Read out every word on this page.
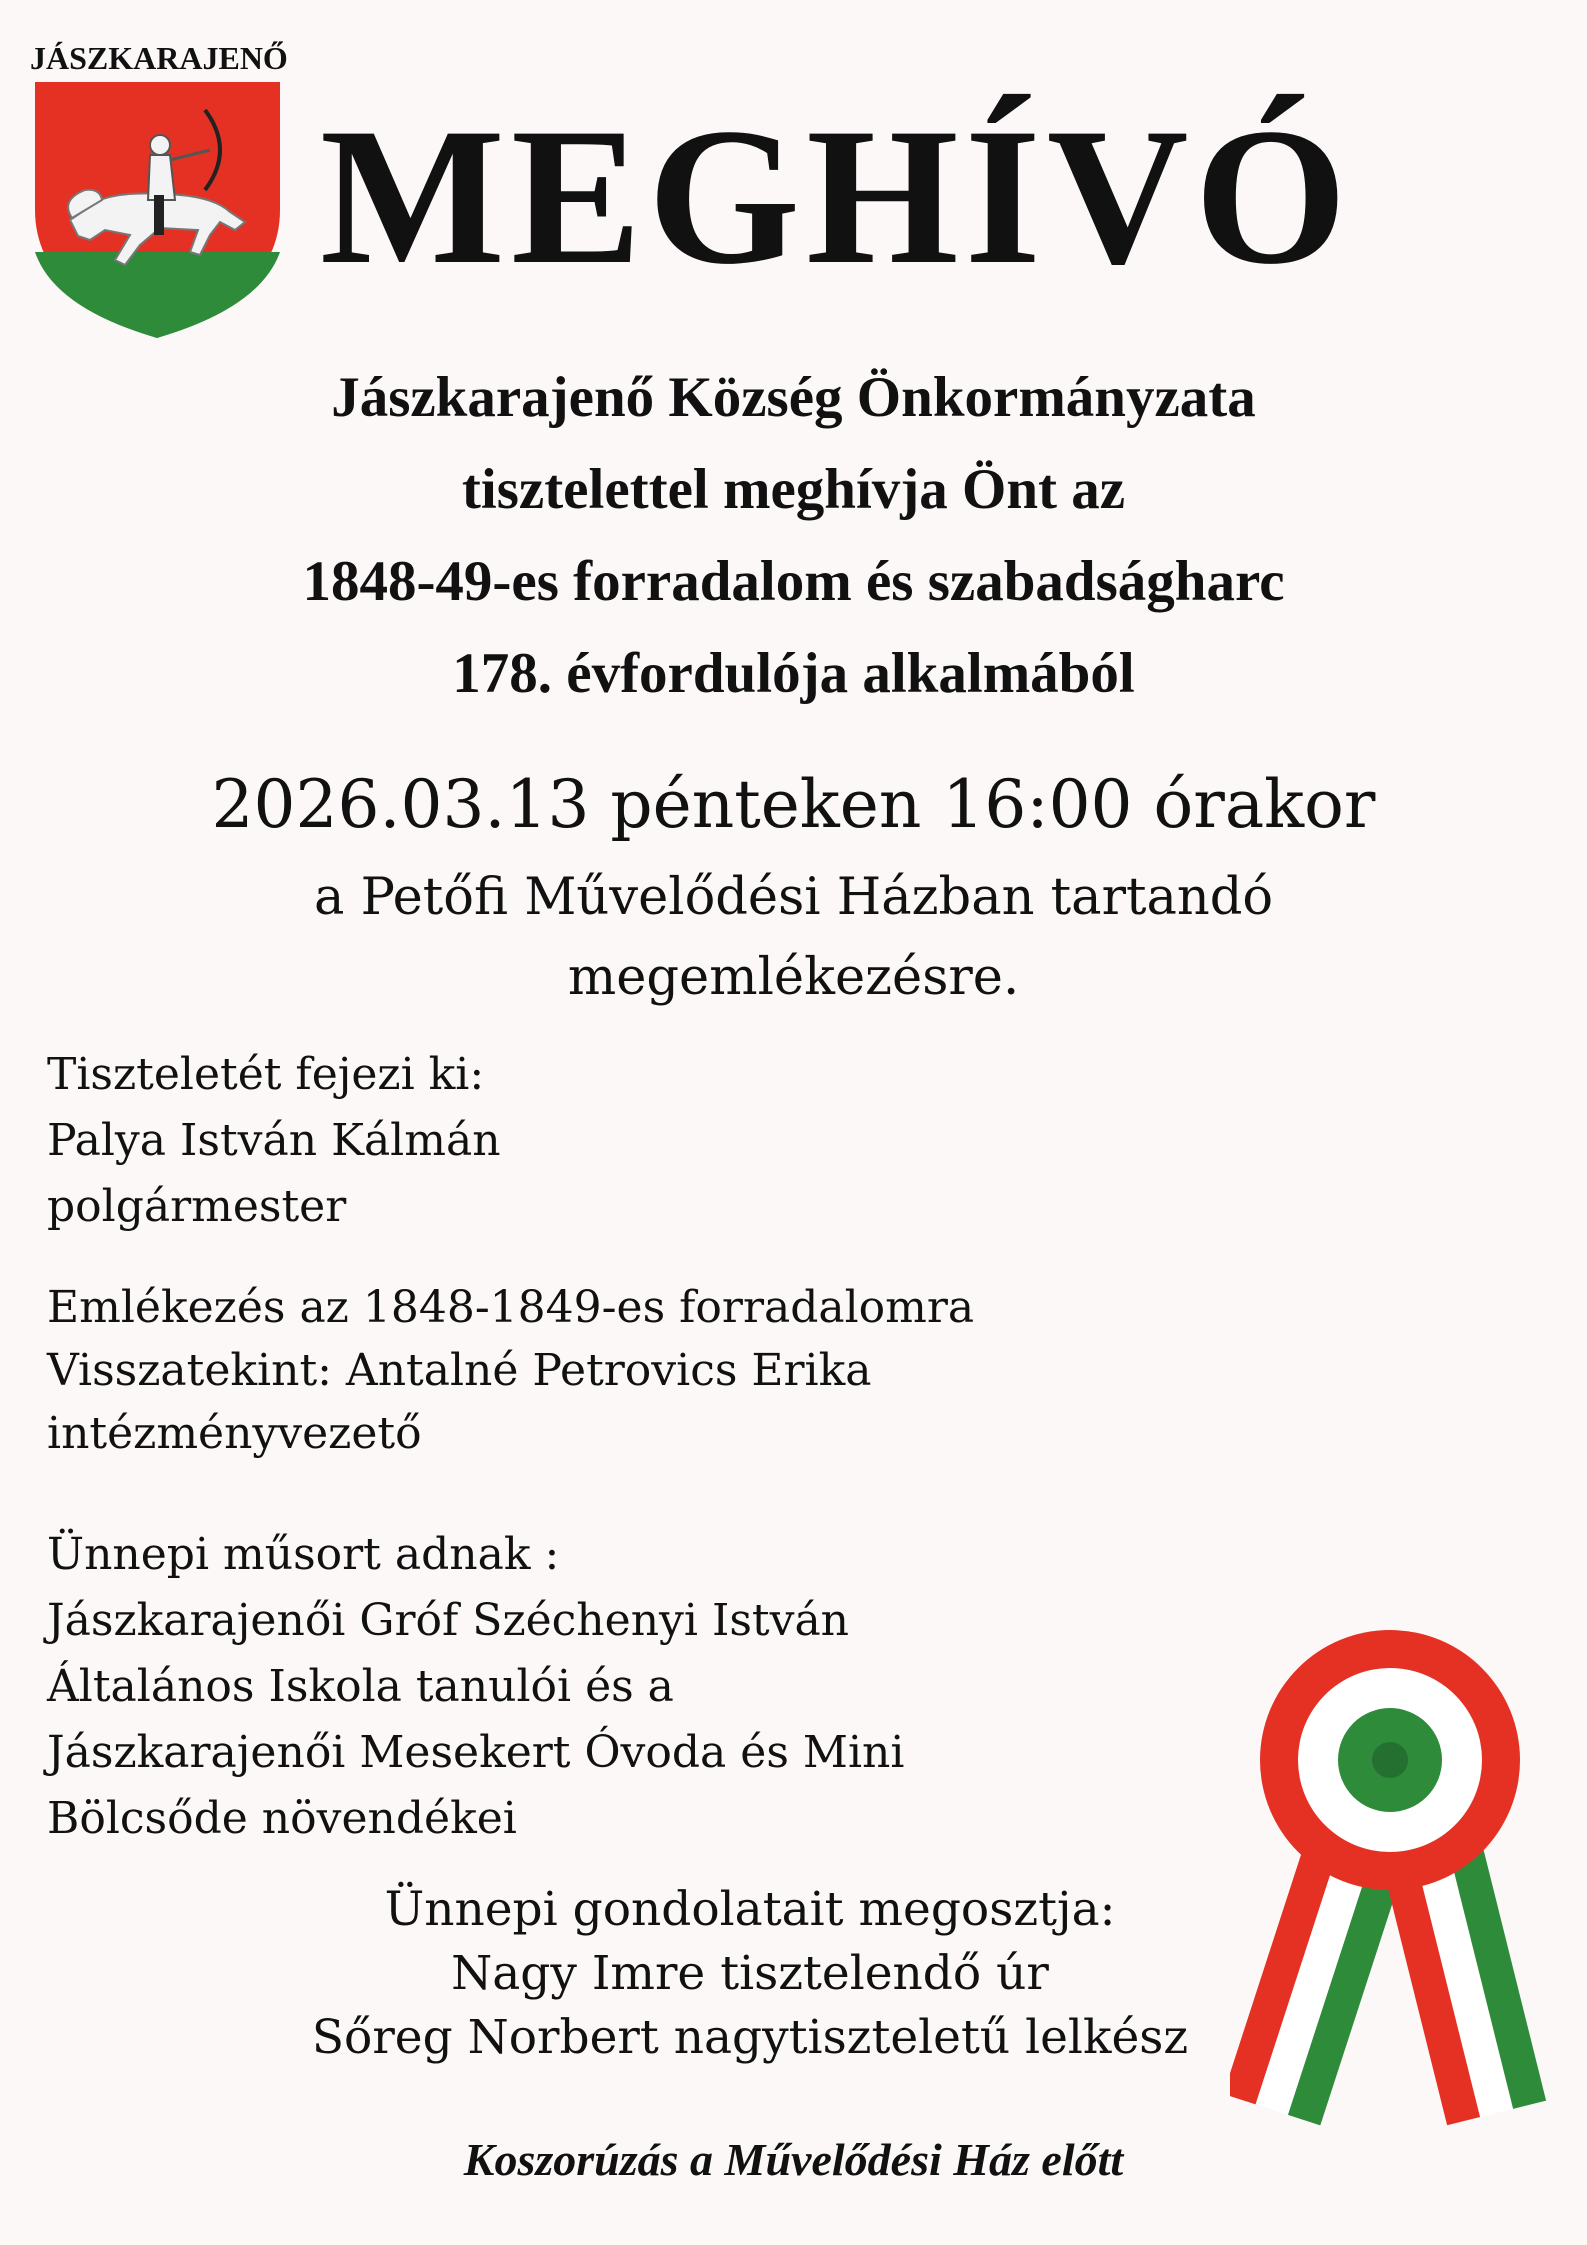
JÁSZKARAJENŐ
MEGHÍVÓ
Jászkarajenő Község Önkormányzata
tisztelettel meghívja Önt az
1848-49-es forradalom és szabadságharc
178. évfordulója alkalmából
2026.03.13 pénteken 16:00 órakor
a Petőfi Művelődési Házban tartandó
megemlékezésre.
Tiszteletét fejezi ki:
Palya István Kálmán
polgármester
Emlékezés az 1848-1849-es forradalomra
Visszatekint: Antalné Petrovics Erika
intézményvezető
Ünnepi műsort adnak :
Jászkarajenői Gróf Széchenyi István
Általános Iskola tanulói és a
Jászkarajenői Mesekert Óvoda és Mini
Bölcsőde növendékei
Ünnepi gondolatait megosztja:
Nagy Imre tisztelendő úr
Sőreg Norbert nagytiszteletű lelkész
Koszorúzás a Művelődési Ház előtt
